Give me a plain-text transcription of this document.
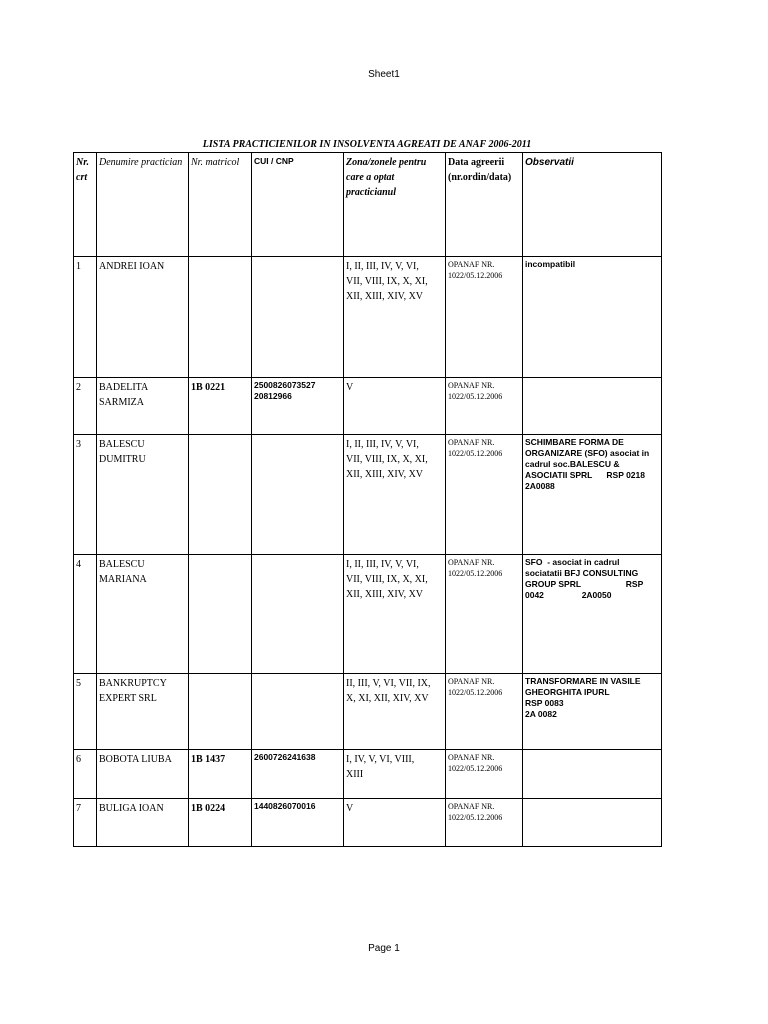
Sheet1
LISTA PRACTICIENILOR IN INSOLVENTA AGREATI DE ANAF 2006-2011
Nr. crt	Denumire practician	Nr. matricol	CUI / CNP	Zona/zonele pentru care a optat practicianul	Data agreerii (nr.ordin/data)	Observatii
1	ANDREI IOAN			I, II, III, IV, V, VI,
VII, VIII, IX, X, XI,
XII, XIII, XIV, XV	OPANAF NR.
1022/05.12.2006	incompatibil

2	BADELITA
SARMIZA	1B 0221	2500826073527
20812966	V	OPANAF NR.
1022/05.12.2006	

3	BALESCU
DUMITRU			I, II, III, IV, V, VI,
VII, VIII, IX, X, XI,
XII, XIII, XIV, XV	OPANAF NR.
1022/05.12.2006	SCHIMBARE FORMA DE
ORGANIZARE (SFO) asociat in
cadrul soc.BALESCU &
ASOCIATII SPRL      RSP 0218
2A0088

4	BALESCU
MARIANA			I, II, III, IV, V, VI,
VII, VIII, IX, X, XI,
XII, XIII, XIV, XV	OPANAF NR.
1022/05.12.2006	SFO  - asociat in cadrul
sociatatii BFJ CONSULTING
GROUP SPRL                   RSP
0042                2A0050

5	BANKRUPTCY
EXPERT SRL			II, III, V, VI, VII, IX,
X, XI, XII, XIV, XV	OPANAF NR.
1022/05.12.2006	TRANSFORMARE IN VASILE
GHEORGHITA IPURL
RSP 0083
2A 0082

6	BOBOTA LIUBA	1B 1437	2600726241638	I, IV, V, VI, VIII,
XIII	OPANAF NR.
1022/05.12.2006	

7	BULIGA IOAN	1B 0224	1440826070016	V	OPANAF NR.
1022/05.12.2006	

Page 1
